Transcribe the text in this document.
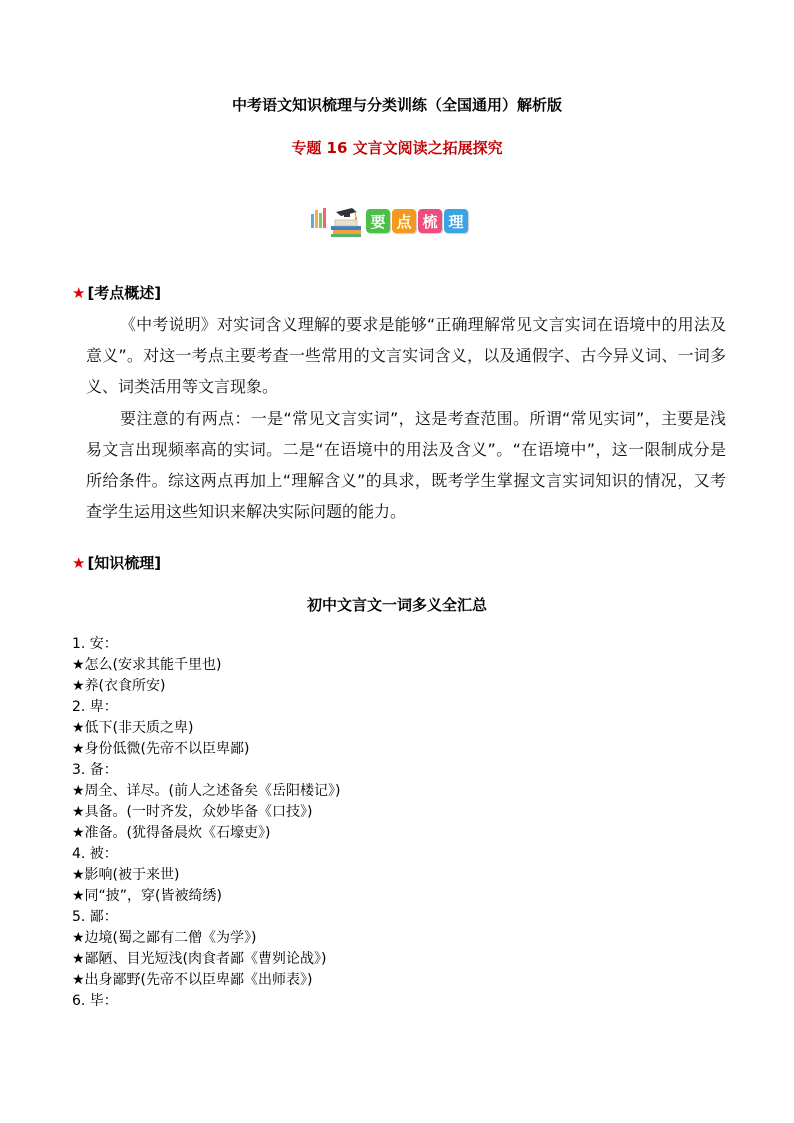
中考语文知识梳理与分类训练（全国通用）解析版
专题 16 文言文阅读之拓展探究
要 点 梳 理
★ [考点概述]

《中考说明》对实词含义理解的要求是能够“正确理解常见文言实词在语境中的用法及意义”。对这一考点主要考查一些常用的文言实词含义，以及通假字、古今异义词、一词多义、词类活用等文言现象。

要注意的有两点：一是“常见文言实词”，这是考查范围。所谓“常见实词”，主要是浅易文言出现频率高的实词。二是“在语境中的用法及含义”。“在语境中”，这一限制成分是所给条件。综这两点再加上“理解含义”的具求，既考学生掌握文言实词知识的情况，又考查学生运用这些知识来解决实际问题的能力。

★ [知识梳理]
初中文言文一词多义全汇总
1. 安：
★怎么(安求其能千里也)
★养(衣食所安)
2. 卑：
★低下(非天质之卑)
★身份低微(先帝不以臣卑鄙)
3. 备：
★周全、详尽。(前人之述备矣《岳阳楼记》)
★具备。(一时齐发，众妙毕备《口技》)
★准备。(犹得备晨炊《石壕吏》)
4. 被：
★影响(被于来世)
★同“披”，穿(皆被绮绣)
5. 鄙：
★边境(蜀之鄙有二僧《为学》)
★鄙陋、目光短浅(肉食者鄙《曹刿论战》)
★出身鄙野(先帝不以臣卑鄙《出师表》)
6. 毕：
